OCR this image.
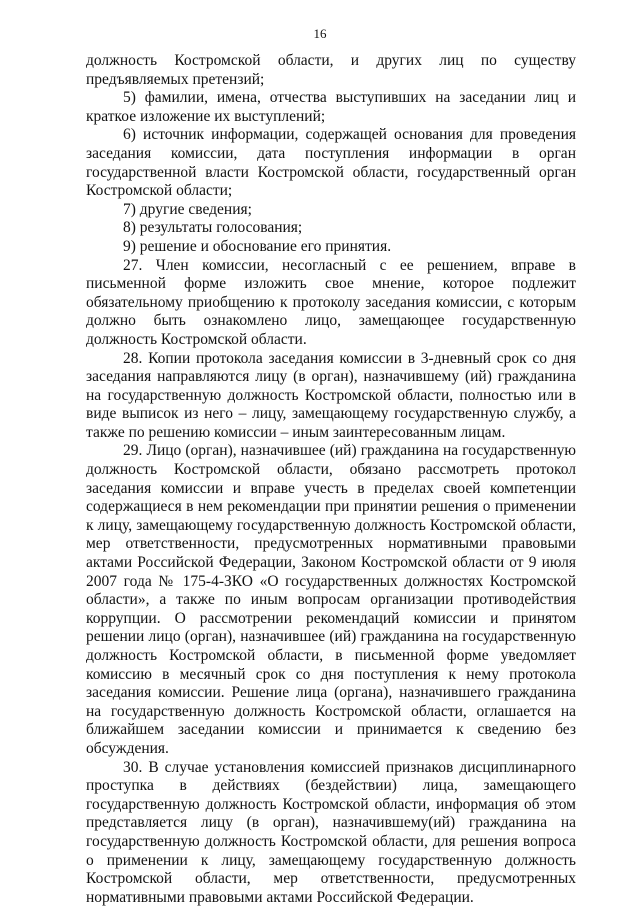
16

должность Костромской области, и других лиц по существу предъявляемых претензий;

5) фамилии, имена, отчества выступивших на заседании лиц и краткое изложение их выступлений;

6) источник информации, содержащей основания для проведения заседания комиссии, дата поступления информации в орган государственной власти Костромской области, государственный орган Костромской области;

7) другие сведения;

8) результаты голосования;

9) решение и обоснование его принятия.

27. Член комиссии, несогласный с ее решением, вправе в письменной форме изложить свое мнение, которое подлежит обязательному приобщению к протоколу заседания комиссии, с которым должно быть ознакомлено лицо, замещающее государственную должность Костромской области.

28. Копии протокола заседания комиссии в 3-дневный срок со дня заседания направляются лицу (в орган), назначившему (ий) гражданина на государственную должность Костромской области, полностью или в виде выписок из него – лицу, замещающему государственную службу, а также по решению комиссии – иным заинтересованным лицам.

29. Лицо (орган), назначившее (ий) гражданина на государственную должность Костромской области, обязано рассмотреть протокол заседания комиссии и вправе учесть в пределах своей компетенции содержащиеся в нем рекомендации при принятии решения о применении к лицу, замещающему государственную должность Костромской области, мер ответственности, предусмотренных нормативными правовыми актами Российской Федерации, Законом Костромской области от 9 июля 2007 года № 175-4-ЗКО «О государственных должностях Костромской области», а также по иным вопросам организации противодействия коррупции. О рассмотрении рекомендаций комиссии и принятом решении лицо (орган), назначившее (ий) гражданина на государственную должность Костромской области, в письменной форме уведомляет комиссию в месячный срок со дня поступления к нему протокола заседания комиссии. Решение лица (органа), назначившего гражданина на государственную должность Костромской области, оглашается на ближайшем заседании комиссии и принимается к сведению без обсуждения.

30. В случае установления комиссией признаков дисциплинарного проступка в действиях (бездействии) лица, замещающего государственную должность Костромской области, информация об этом представляется лицу (в орган), назначившему(ий) гражданина на государственную должность Костромской области, для решения вопроса о применении к лицу, замещающему государственную должность Костромской области, мер ответственности, предусмотренных нормативными правовыми актами Российской Федерации.
